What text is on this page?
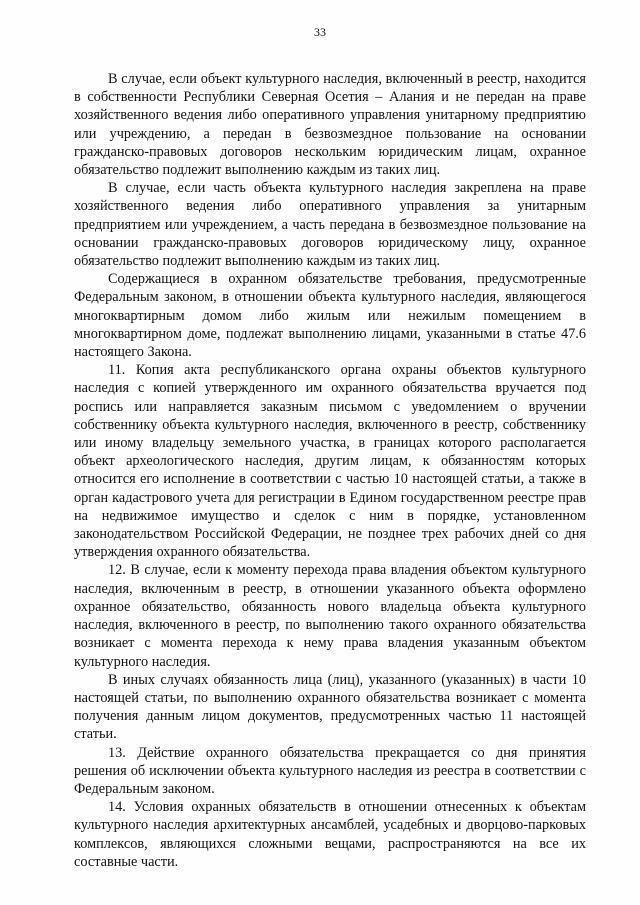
33

В случае, если объект культурного наследия, включенный в реестр, находится в собственности Республики Северная Осетия – Алания и не передан на праве хозяйственного ведения либо оперативного управления унитарному предприятию или учреждению, а передан в безвозмездное пользование на основании гражданско-правовых договоров нескольким юридическим лицам, охранное обязательство подлежит выполнению каждым из таких лиц.

В случае, если часть объекта культурного наследия закреплена на праве хозяйственного ведения либо оперативного управления за унитарным предприятием или учреждением, а часть передана в безвозмездное пользование на основании гражданско-правовых договоров юридическому лицу, охранное обязательство подлежит выполнению каждым из таких лиц.

Содержащиеся в охранном обязательстве требования, предусмотренные Федеральным законом, в отношении объекта культурного наследия, являющегося многоквартирным домом либо жилым или нежилым помещением в многоквартирном доме, подлежат выполнению лицами, указанными в статье 47.6 настоящего Закона.

11. Копия акта республиканского органа охраны объектов культурного наследия с копией утвержденного им охранного обязательства вручается под роспись или направляется заказным письмом с уведомлением о вручении собственнику объекта культурного наследия, включенного в реестр, собственнику или иному владельцу земельного участка, в границах которого располагается объект археологического наследия, другим лицам, к обязанностям которых относится его исполнение в соответствии с частью 10 настоящей статьи, а также в орган кадастрового учета для регистрации в Едином государственном реестре прав на недвижимое имущество и сделок с ним в порядке, установленном законодательством Российской Федерации, не позднее трех рабочих дней со дня утверждения охранного обязательства.

12. В случае, если к моменту перехода права владения объектом культурного наследия, включенным в реестр, в отношении указанного объекта оформлено охранное обязательство, обязанность нового владельца объекта культурного наследия, включенного в реестр, по выполнению такого охранного обязательства возникает с момента перехода к нему права владения указанным объектом культурного наследия.

В иных случаях обязанность лица (лиц), указанного (указанных) в части 10 настоящей статьи, по выполнению охранного обязательства возникает с момента получения данным лицом документов, предусмотренных частью 11 настоящей статьи.

13. Действие охранного обязательства прекращается со дня принятия решения об исключении объекта культурного наследия из реестра в соответствии с Федеральным законом.

14. Условия охранных обязательств в отношении отнесенных к объектам культурного наследия архитектурных ансамблей, усадебных и дворцово-парковых комплексов, являющихся сложными вещами, распространяются на все их составные части.
